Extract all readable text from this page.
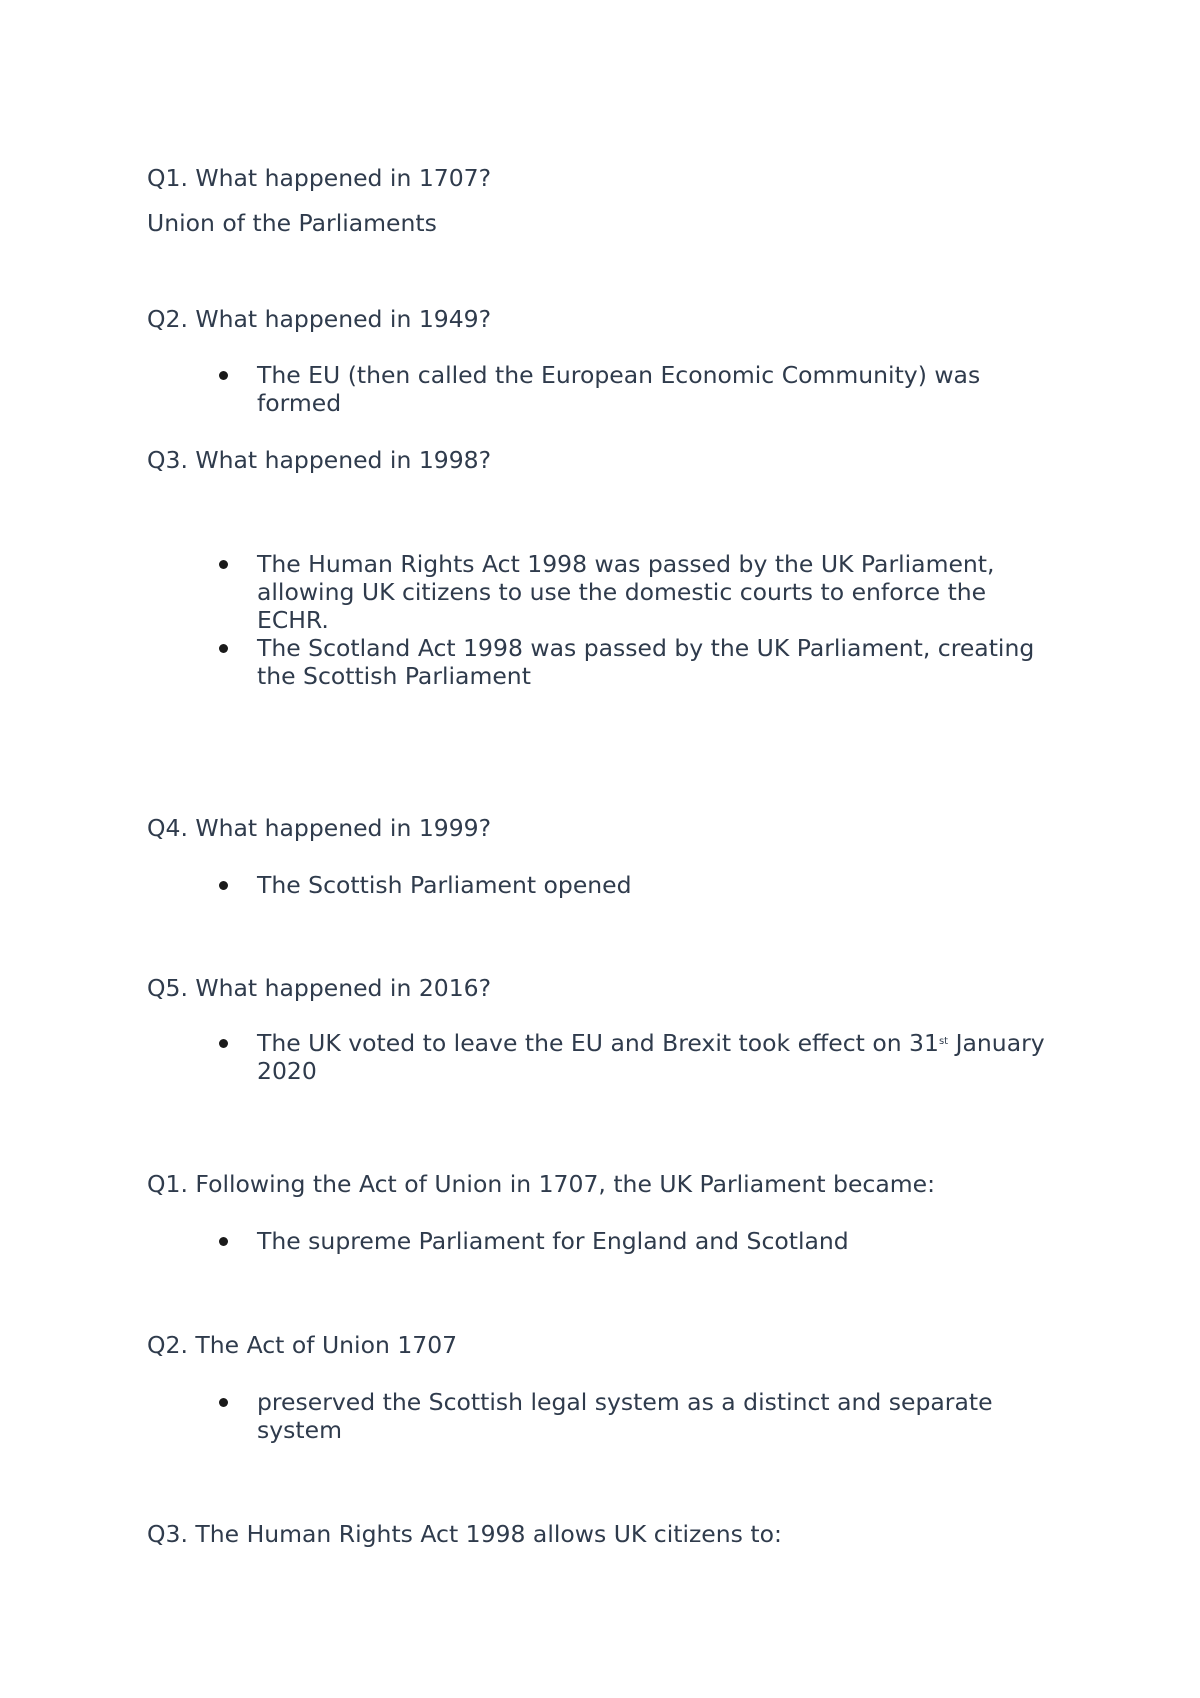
Q1. What happened in 1707?

Union of the Parliaments

Q2. What happened in 1949?

The EU (then called the European Economic Community) was formed

Q3. What happened in 1998?

The Human Rights Act 1998 was passed by the UK Parliament, allowing UK citizens to use the domestic courts to enforce the ECHR.
The Scotland Act 1998 was passed by the UK Parliament, creating the Scottish Parliament

Q4. What happened in 1999?

The Scottish Parliament opened

Q5. What happened in 2016?

The UK voted to leave the EU and Brexit took effect on 31st January 2020

Q1. Following the Act of Union in 1707, the UK Parliament became:

The supreme Parliament for England and Scotland

Q2. The Act of Union 1707

preserved the Scottish legal system as a distinct and separate system

Q3. The Human Rights Act 1998 allows UK citizens to:
